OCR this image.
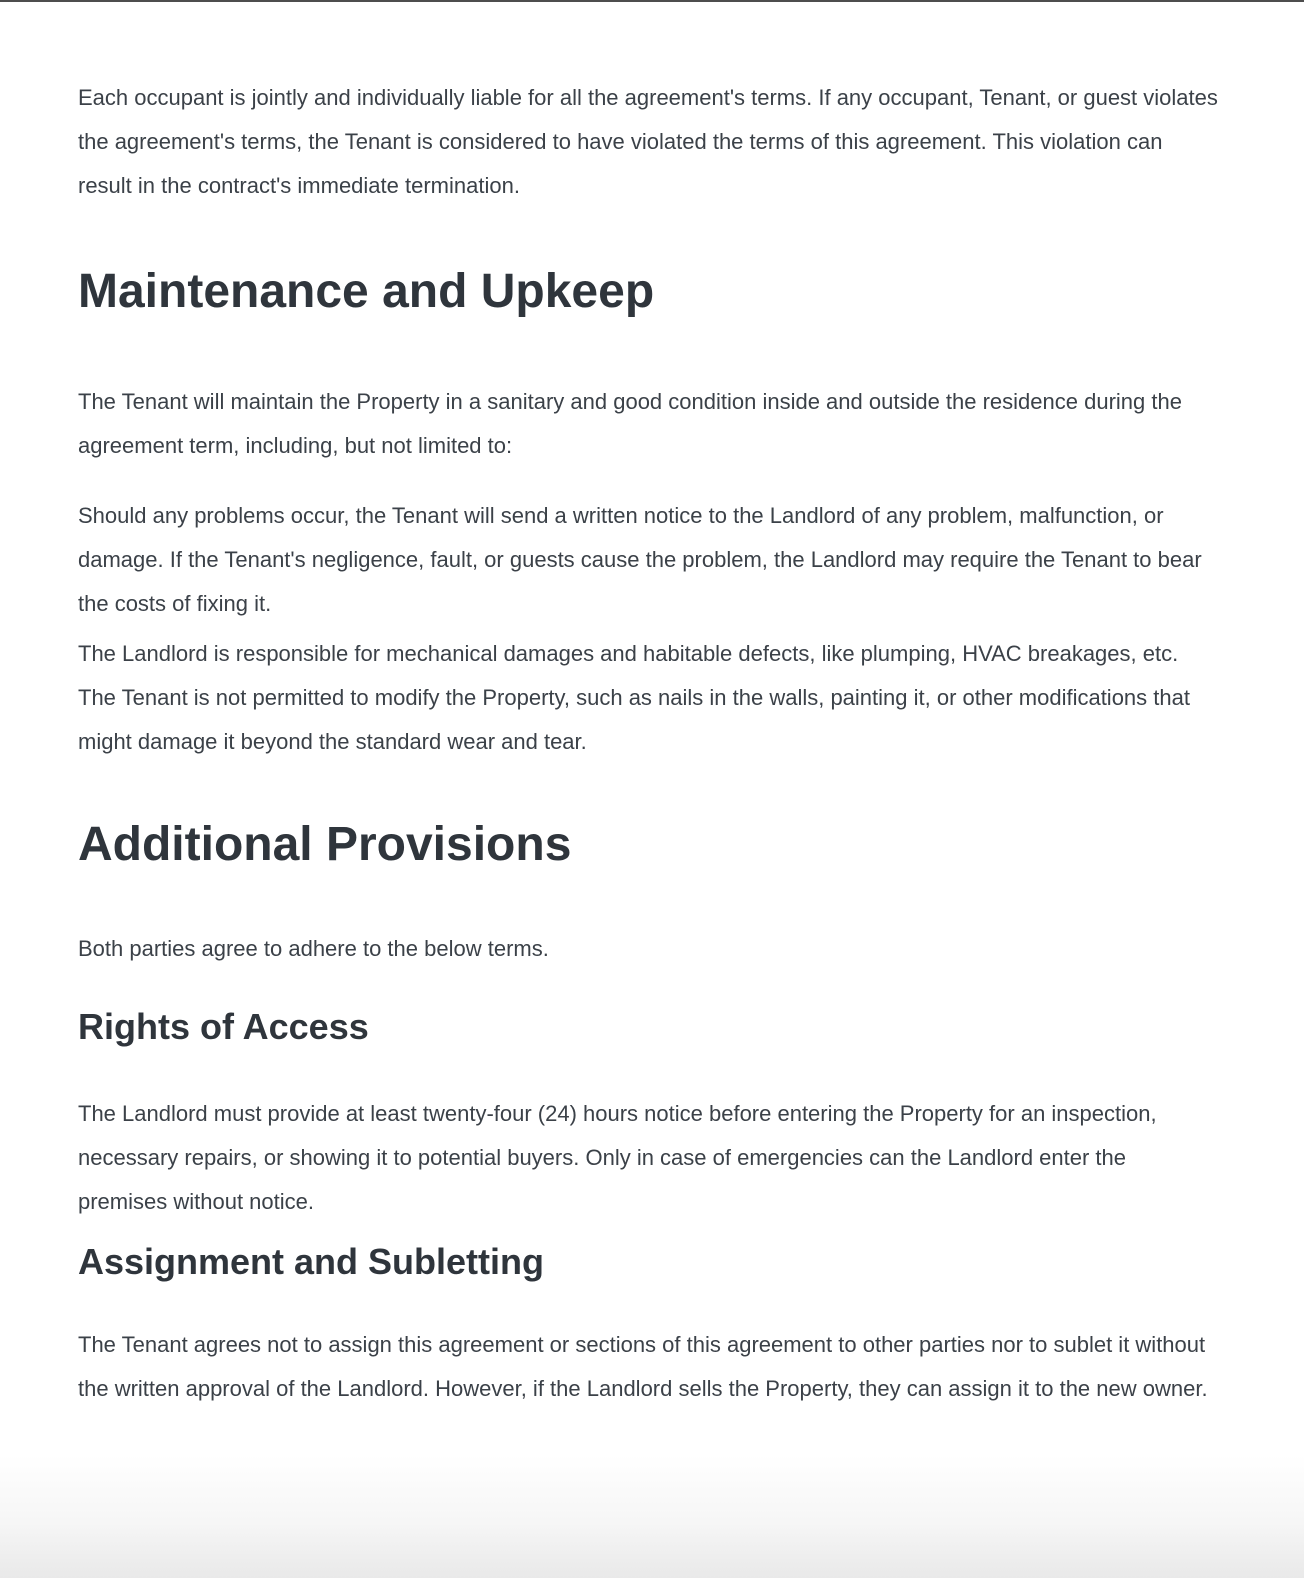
Each occupant is jointly and individually liable for all the agreement's terms. If any occupant, Tenant, or guest violates the agreement's terms, the Tenant is considered to have violated the terms of this agreement. This violation can result in the contract's immediate termination.

Maintenance and Upkeep

The Tenant will maintain the Property in a sanitary and good condition inside and outside the residence during the agreement term, including, but not limited to:

Should any problems occur, the Tenant will send a written notice to the Landlord of any problem, malfunction, or damage. If the Tenant's negligence, fault, or guests cause the problem, the Landlord may require the Tenant to bear the costs of fixing it.

The Landlord is responsible for mechanical damages and habitable defects, like plumping, HVAC breakages, etc. The Tenant is not permitted to modify the Property, such as nails in the walls, painting it, or other modifications that might damage it beyond the standard wear and tear.

Additional Provisions

Both parties agree to adhere to the below terms.

Rights of Access

The Landlord must provide at least twenty-four (24) hours notice before entering the Property for an inspection, necessary repairs, or showing it to potential buyers. Only in case of emergencies can the Landlord enter the premises without notice.

Assignment and Subletting

The Tenant agrees not to assign this agreement or sections of this agreement to other parties nor to sublet it without the written approval of the Landlord. However, if the Landlord sells the Property, they can assign it to the new owner.
